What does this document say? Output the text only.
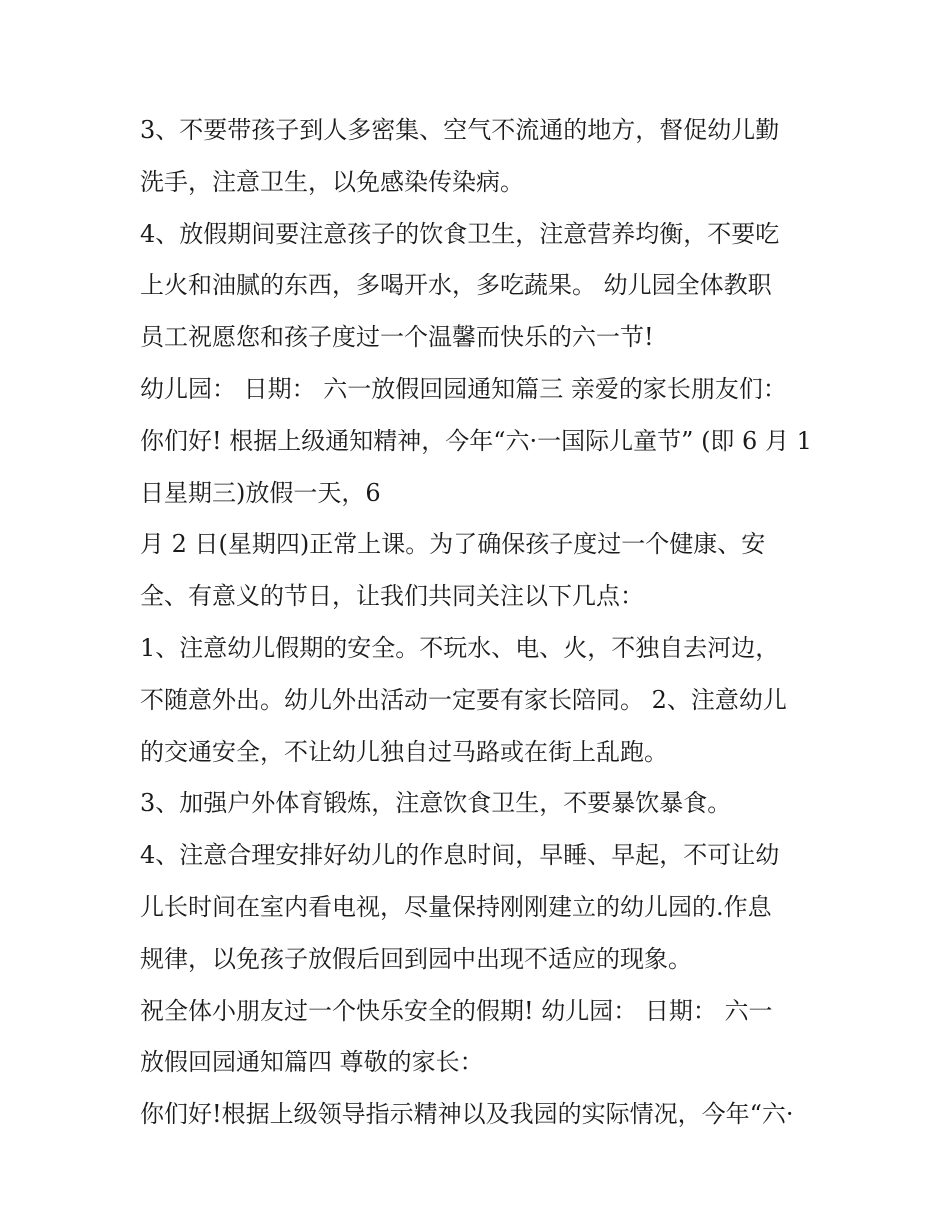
3、不要带孩子到人多密集、空气不流通的地方，督促幼儿勤
洗手，注意卫生，以免感染传染病。
4、放假期间要注意孩子的饮食卫生，注意营养均衡，不要吃
上火和油腻的东西，多喝开水，多吃蔬果。 幼儿园全体教职
员工祝愿您和孩子度过一个温馨而快乐的六一节!
幼儿园： 日期： 六一放假回园通知篇三 亲爱的家长朋友们：
你们好! 根据上级通知精神，今年“六·一国际儿童节” (即 6 月 1
日星期三)放假一天，6
月 2 日(星期四)正常上课。为了确保孩子度过一个健康、安
全、有意义的节日，让我们共同关注以下几点：
1、注意幼儿假期的安全。不玩水、电、火，不独自去河边，
不随意外出。幼儿外出活动一定要有家长陪同。 2、注意幼儿
的交通安全，不让幼儿独自过马路或在街上乱跑。
3、加强户外体育锻炼，注意饮食卫生，不要暴饮暴食。
4、注意合理安排好幼儿的作息时间，早睡、早起，不可让幼
儿长时间在室内看电视，尽量保持刚刚建立的幼儿园的.作息
规律，以免孩子放假后回到园中出现不适应的现象。
祝全体小朋友过一个快乐安全的假期! 幼儿园： 日期： 六一
放假回园通知篇四 尊敬的家长：
你们好!根据上级领导指示精神以及我园的实际情况，今年“六·
